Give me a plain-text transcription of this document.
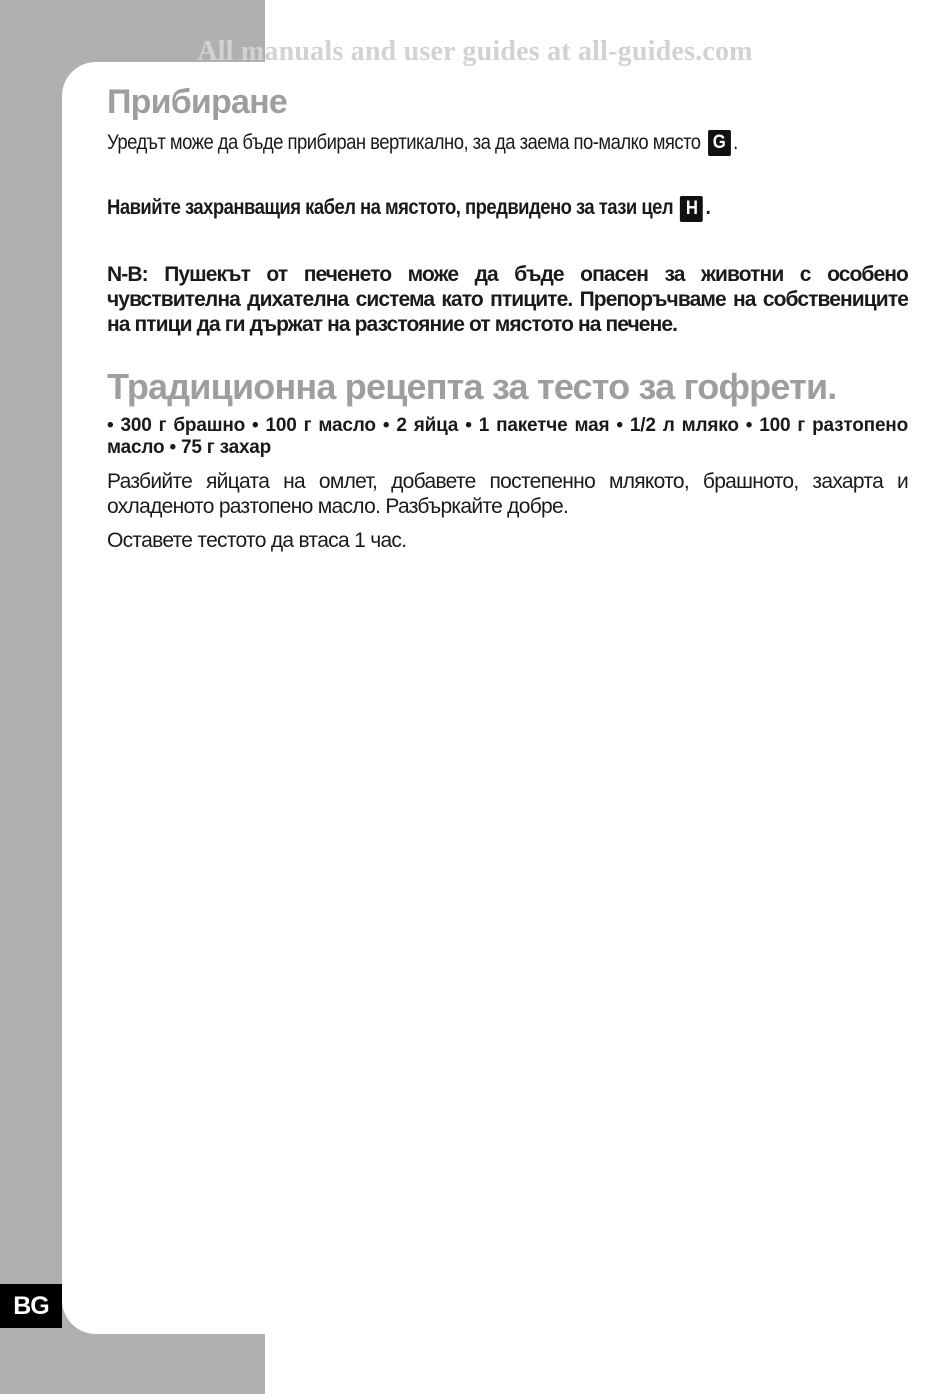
All manuals and user guides at all-guides.com
BG
Прибиране

Уредът може да бъде прибиран вертикално, за да заема по-малко място G .

Навийте захранващия кабел на мястото, предвидено за тази цел H .

N-B: Пушекът от печенето може да бъде опасен за животни с особено чувствителна дихателна система като птиците. Препоръчваме на собствениците на птици да ги държат на разстояние от мястото на печене.

Традиционна рецепта за тесто за гофрети.

• 300 г брашно • 100 г масло • 2 яйца • 1 пакетче мая • 1/2 л мляко • 100 г разтопено масло • 75 г захар

Разбийте яйцата на омлет, добавете постепенно млякото, брашното, захарта и охладеното разтопено масло. Разбъркайте добре.

Оставете тестото да втаса 1 час.
